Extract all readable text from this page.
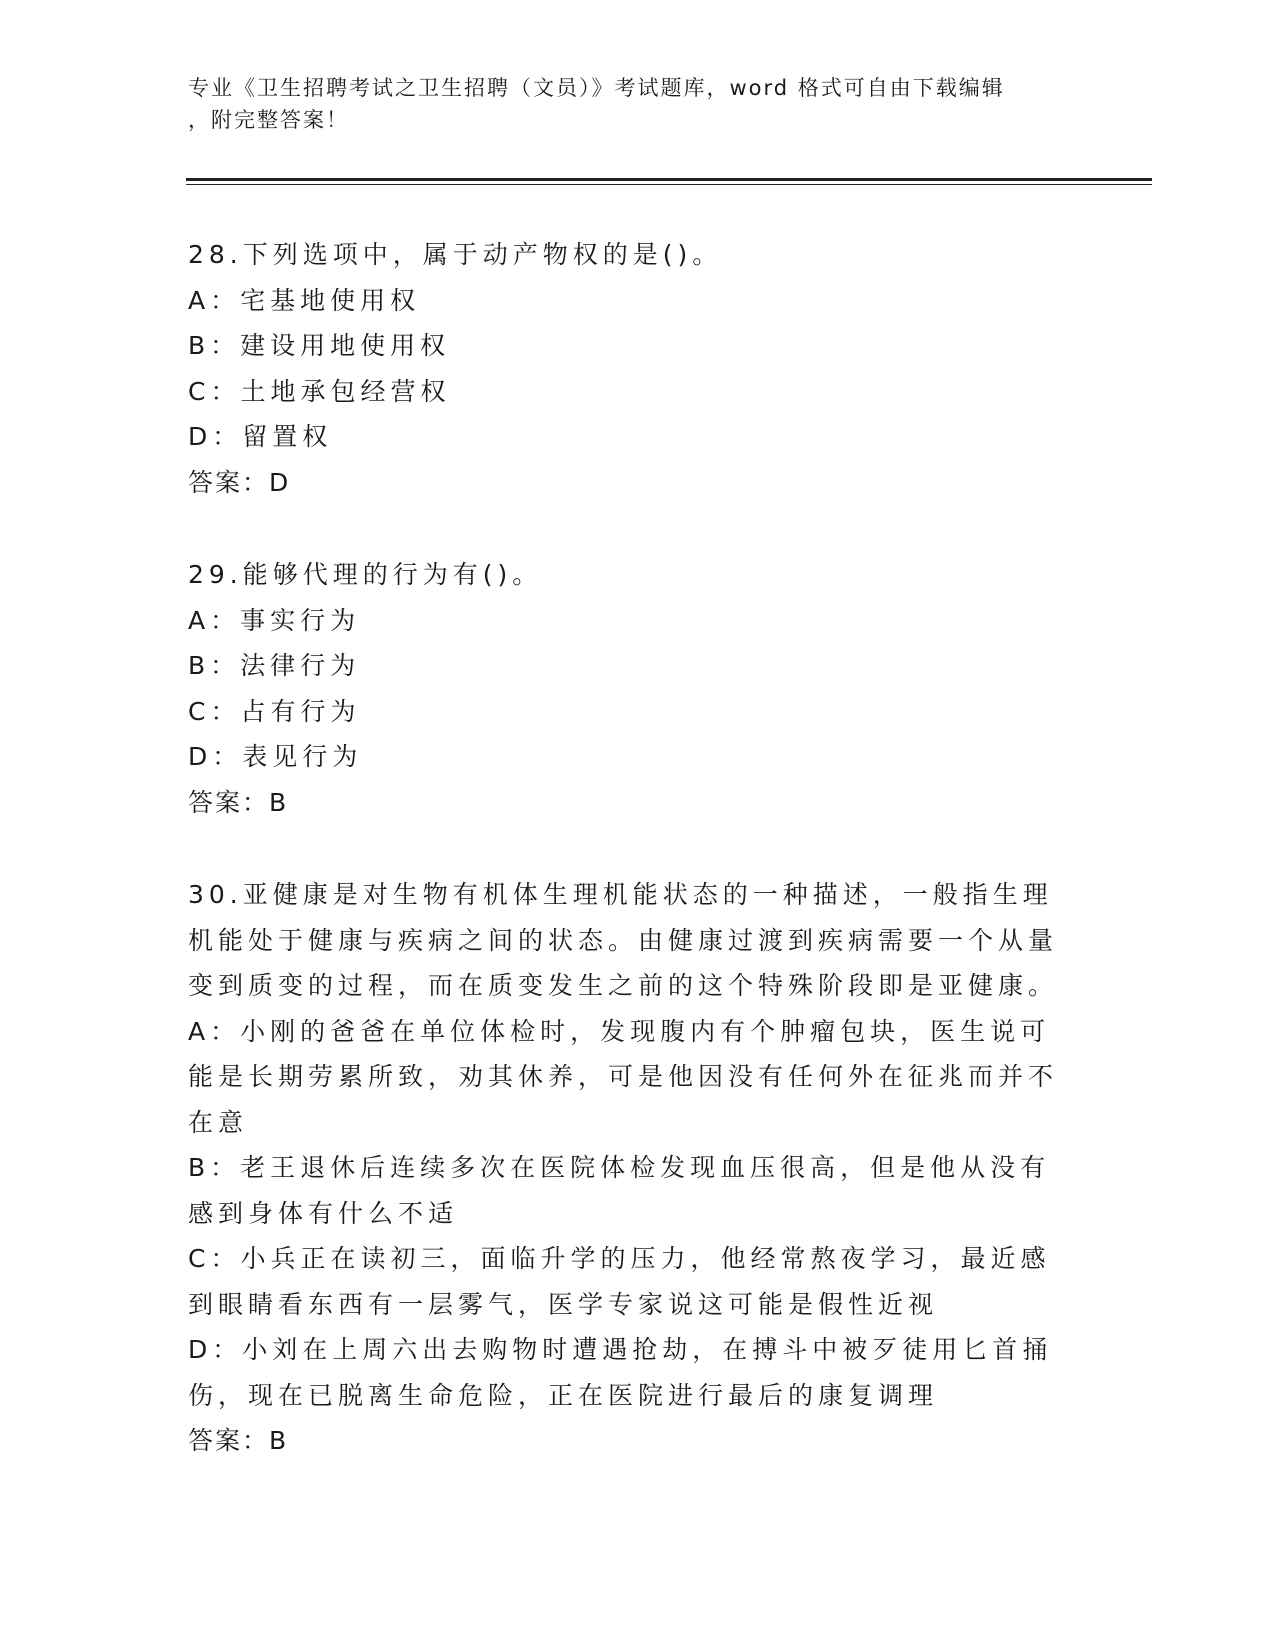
专业《卫生招聘考试之卫生招聘（文员）》考试题库，word 格式可自由下载编辑
，附完整答案！
28.下列选项中，属于动产物权的是()。
A：宅基地使用权
B：建设用地使用权
C：土地承包经营权
D：留置权
答案：D
29.能够代理的行为有()。
A：事实行为
B：法律行为
C：占有行为
D：表见行为
答案：B
30.亚健康是对生物有机体生理机能状态的一种描述，一般指生理机能处于健康与疾病之间的状态。由健康过渡到疾病需要一个从量变到质变的过程，而在质变发生之前的这个特殊阶段即是亚健康。
A：小刚的爸爸在单位体检时，发现腹内有个肿瘤包块，医生说可能是长期劳累所致，劝其休养，可是他因没有任何外在征兆而并不在意
B：老王退休后连续多次在医院体检发现血压很高，但是他从没有感到身体有什么不适
C：小兵正在读初三，面临升学的压力，他经常熬夜学习，最近感到眼睛看东西有一层雾气，医学专家说这可能是假性近视
D：小刘在上周六出去购物时遭遇抢劫，在搏斗中被歹徒用匕首捅伤，现在已脱离生命危险，正在医院进行最后的康复调理
答案：B
